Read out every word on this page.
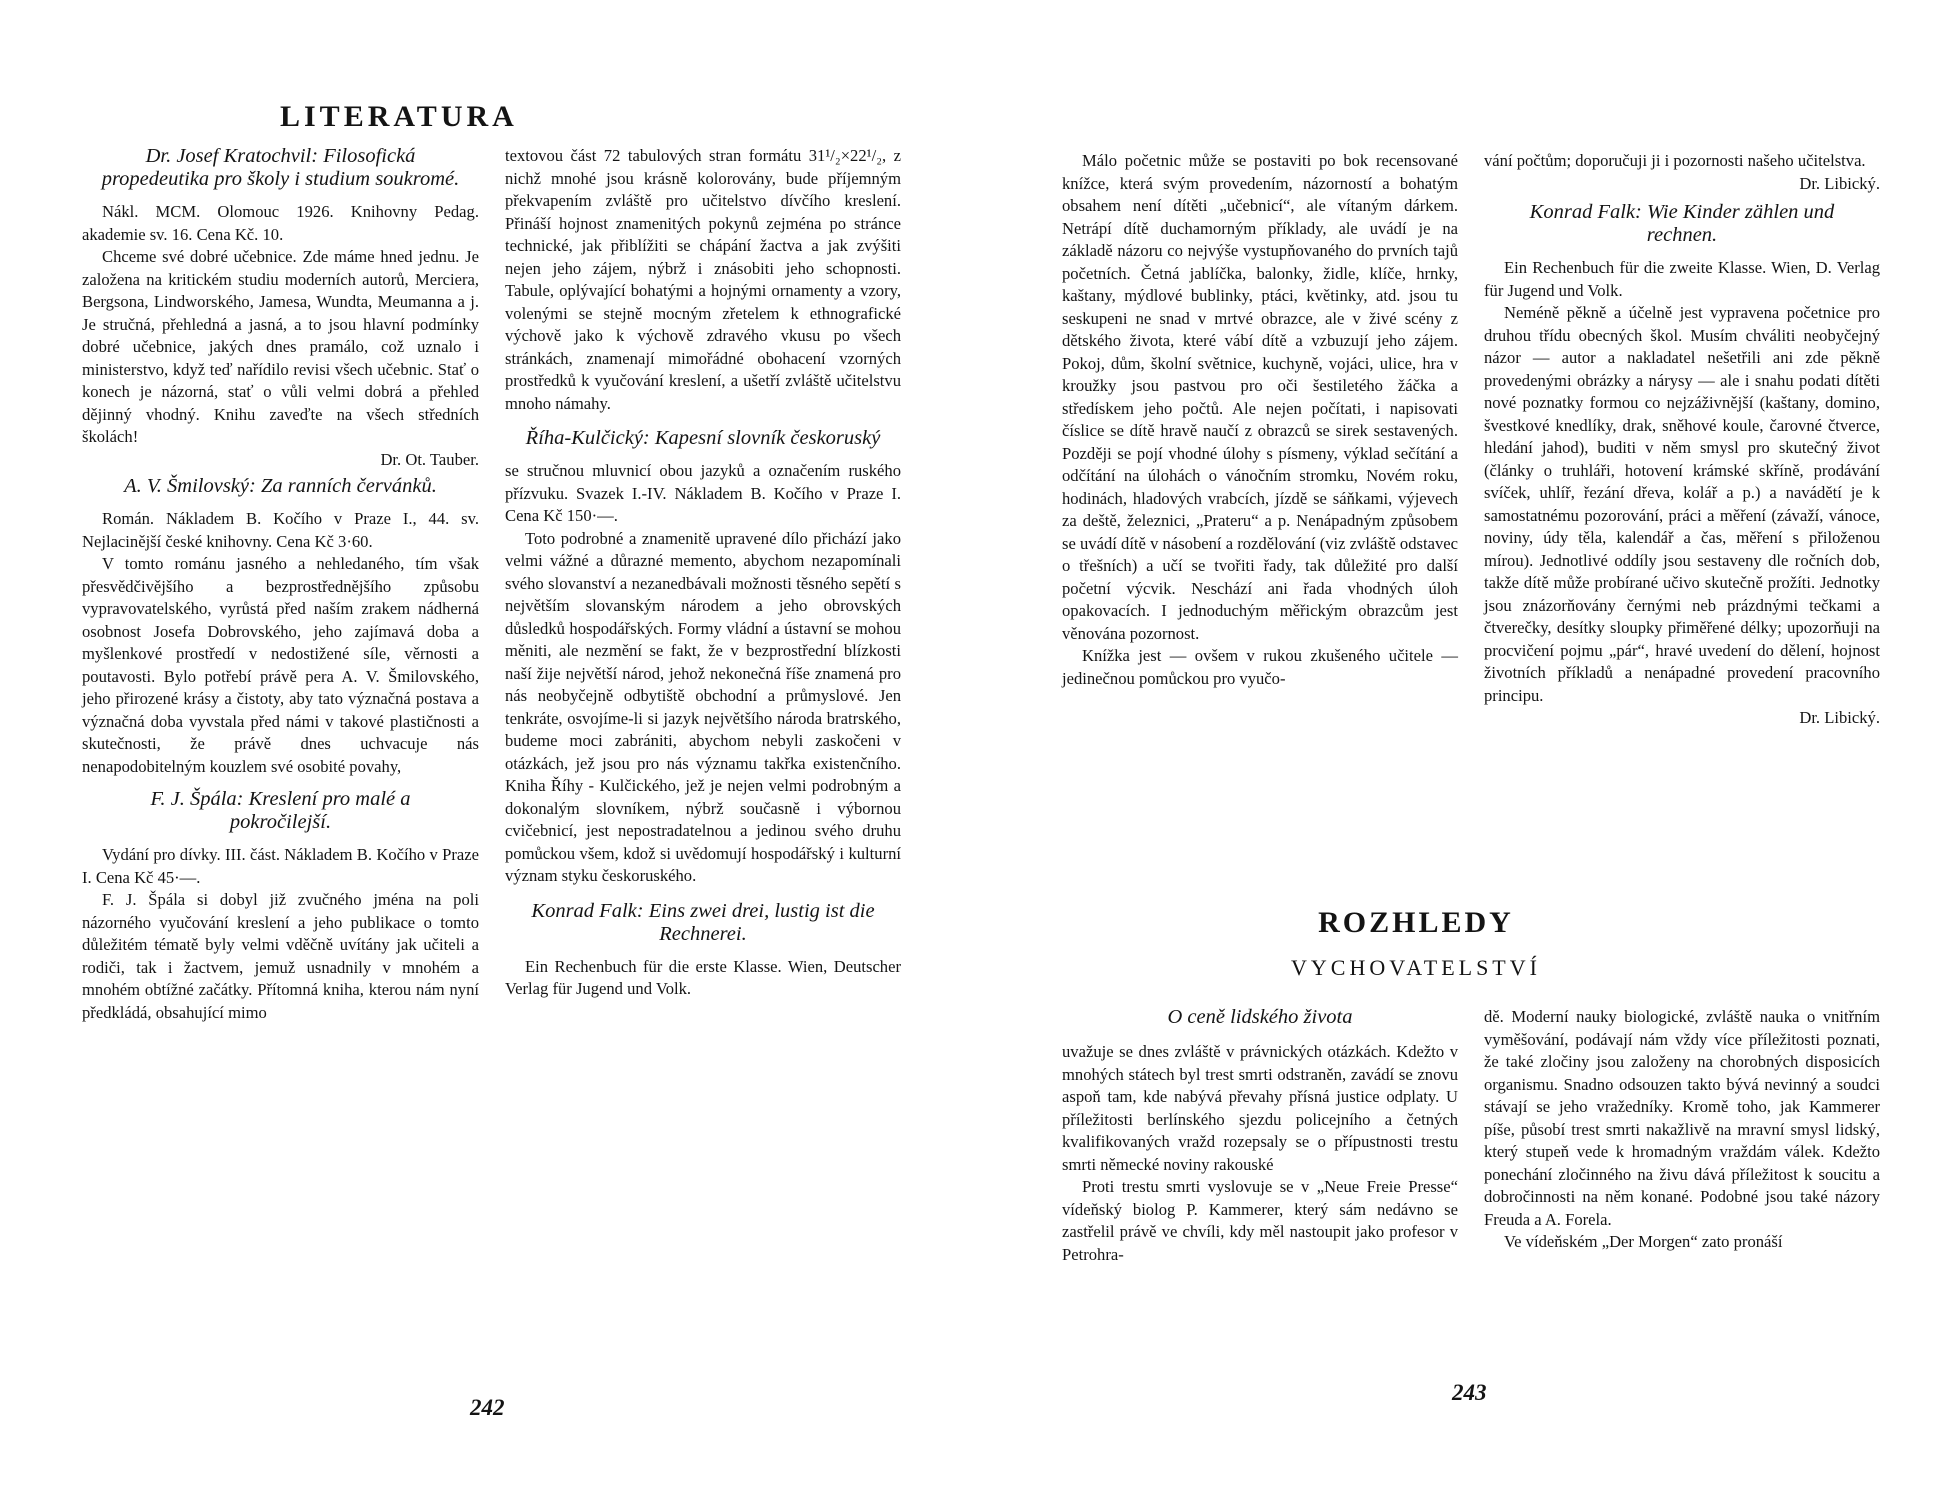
LITERATURA
Dr. Josef Kratochvil: Filosofická propedeutika pro školy i studium soukromé.

Nákl. MCM. Olomouc 1926. Knihovny Pedag. akademie sv. 16. Cena Kč. 10.

Chceme své dobré učebnice. Zde máme hned jednu. Je založena na kritickém studiu moderních autorů, Merciera, Bergsona, Lindworského, Jamesa, Wundta, Meumanna a j. Je stručná, přehledná a jasná, a to jsou hlavní podmínky dobré učebnice, jakých dnes pramálo, což uznalo i ministerstvo, když teď nařídilo revisi všech učebnic. Stať o konech je názorná, stať o vůli velmi dobrá a přehled dějinný vhodný. Knihu zaveďte na všech středních školách!

Dr. Ot. Tauber.

A. V. Šmilovský: Za ranních červánků.

Román. Nákladem B. Kočího v Praze I., 44. sv. Nejlacinější české knihovny. Cena Kč 3·60.

V tomto románu jasného a nehledaného, tím však přesvědčivějšího a bezprostřednějšího způsobu vypravovatelského, vyrůstá před naším zrakem nádherná osobnost Josefa Dobrovského, jeho zajímavá doba a myšlenkové prostředí v nedostižené síle, věrnosti a poutavosti. Bylo potřebí právě pera A. V. Šmilovského, jeho přirozené krásy a čistoty, aby tato význačná postava a význačná doba vyvstala před námi v takové plastičnosti a skutečnosti, že právě dnes uchvacuje nás nenapodobitelným kouzlem své osobité povahy,

F. J. Špála: Kreslení pro malé a pokročilejší.

Vydání pro dívky. III. část. Nákladem B. Kočího v Praze I. Cena Kč 45·—.

F. J. Špála si dobyl již zvučného jména na poli názorného vyučování kreslení a jeho publikace o tomto důležitém tématě byly velmi vděčně uvítány jak učiteli a rodiči, tak i žactvem, jemuž usnadnily v mnohém a mnohém obtížné začátky. Přítomná kniha, kterou nám nyní předkládá, obsahující mimo

textovou část 72 tabulových stran formátu 31¹/₂×22¹/₂, z nichž mnohé jsou krásně kolorovány, bude příjemným překvapením zvláště pro učitelstvo dívčího kreslení. Přináší hojnost znamenitých pokynů zejména po stránce technické, jak přiblížiti se chápání žactva a jak zvýšiti nejen jeho zájem, nýbrž i znásobiti jeho schopnosti. Tabule, oplývající bohatými a hojnými ornamenty a vzory, volenými se stejně mocným zřetelem k ethnografické výchově jako k výchově zdravého vkusu po všech stránkách, znamenají mimořádné obohacení vzorných prostředků k vyučování kreslení, a ušetří zvláště učitelstvu mnoho námahy.

Říha-Kulčický: Kapesní slovník českoruský

se stručnou mluvnicí obou jazyků a označením ruského přízvuku. Svazek I.-IV. Nákladem B. Kočího v Praze I. Cena Kč 150·—.

Toto podrobné a znamenitě upravené dílo přichází jako velmi vážné a důrazné memento, abychom nezapomínali svého slovanství a nezanedbávali možnosti těsného sepětí s největším slovanským národem a jeho obrovských důsledků hospodářských. Formy vládní a ústavní se mohou měniti, ale nezmění se fakt, že v bezprostřední blízkosti naší žije největší národ, jehož nekonečná říše znamená pro nás neobyčejně odbytiště obchodní a průmyslové. Jen tenkráte, osvojíme-li si jazyk největšího národa bratrského, budeme moci zabrániti, abychom nebyli zaskočeni v otázkách, jež jsou pro nás významu takřka existenčního. Kniha Říhy - Kulčického, jež je nejen velmi podrobným a dokonalým slovníkem, nýbrž současně i výbornou cvičebnicí, jest nepostradatelnou a jedinou svého druhu pomůckou všem, kdož si uvědomují hospodářský i kulturní význam styku českoruského.

Konrad Falk: Eins zwei drei, lustig ist die Rechnerei.

Ein Rechenbuch für die erste Klasse. Wien, Deutscher Verlag für Jugend und Volk.

242

Málo početnic může se postaviti po bok recensované knížce, která svým provedením, názorností a bohatým obsahem není dítěti „učebnicí“, ale vítaným dárkem. Netrápí dítě duchamorným příklady, ale uvádí je na základě názoru co nejvýše vystupňovaného do prvních tajů početních. Četná jablíčka, balonky, židle, klíče, hrnky, kaštany, mýdlové bublinky, ptáci, květinky, atd. jsou tu seskupeni ne snad v mrtvé obrazce, ale v živé scény z dětského života, které vábí dítě a vzbuzují jeho zájem. Pokoj, dům, školní světnice, kuchyně, vojáci, ulice, hra v kroužky jsou pastvou pro oči šestiletého žáčka a středískem jeho počtů. Ale nejen počítati, i napisovati číslice se dítě hravě naučí z obrazců se sirek sestavených. Později se pojí vhodné úlohy s písmeny, výklad sečítání a odčítání na úlohách o vánočním stromku, Novém roku, hodinách, hladových vrabcích, jízdě se sáňkami, výjevech za deště, železnici, „Prateru“ a p. Nenápadným způsobem se uvádí dítě v násobení a rozdělování (viz zvláště odstavec o třešních) a učí se tvořiti řady, tak důležité pro další početní výcvik. Neschází ani řada vhodných úloh opakovacích. I jednoduchým měřickým obrazcům jest věnována pozornost.

Knížka jest — ovšem v rukou zkušeného učitele — jedinečnou pomůckou pro vyučo-

vání počtům; doporučuji ji i pozornosti našeho učitelstva.

Dr. Libický.

Konrad Falk: Wie Kinder zählen und rechnen.

Ein Rechenbuch für die zweite Klasse. Wien, D. Verlag für Jugend und Volk.

Neméně pěkně a účelně jest vypravena početnice pro druhou třídu obecných škol. Musím chváliti neobyčejný názor — autor a nakladatel nešetřili ani zde pěkně provedenými obrázky a nárysy — ale i snahu podati dítěti nové poznatky formou co nejzáživnější (kaštany, domino, švestkové knedlíky, drak, sněhové koule, čarovné čtverce, hledání jahod), buditi v něm smysl pro skutečný život (články o truhláři, hotovení krámské skříně, prodávání svíček, uhlíř, řezání dřeva, kolář a p.) a navádětí je k samostatnému pozorování, práci a měření (závaží, vánoce, noviny, údy těla, kalendář a čas, měření s přiloženou mírou). Jednotlivé oddíly jsou sestaveny dle ročních dob, takže dítě může probírané učivo skutečně prožíti. Jednotky jsou znázorňovány černými neb prázdnými tečkami a čtverečky, desítky sloupky přiměřené délky; upozorňuji na procvičení pojmu „pár“, hravé uvedení do dělení, hojnost životních příkladů a nenápadné provedení pracovního principu.

Dr. Libický.

ROZHLEDY
VYCHOVATELSTVÍ
O ceně lidského života

uvažuje se dnes zvláště v právnických otázkách. Kdežto v mnohých státech byl trest smrti odstraněn, zavádí se znovu aspoň tam, kde nabývá převahy přísná justice odplaty. U příležitosti berlínského sjezdu policejního a četných kvalifikovaných vražd rozepsaly se o přípustnosti trestu smrti německé noviny rakouské

Proti trestu smrti vyslovuje se v „Neue Freie Presse“ vídeňský biolog P. Kammerer, který sám nedávno se zastřelil právě ve chvíli, kdy měl nastoupit jako profesor v Petrohra-

dě. Moderní nauky biologické, zvláště nauka o vnitřním vyměšování, podávají nám vždy více příležitosti poznati, že také zločiny jsou založeny na chorobných disposicích organismu. Snadno odsouzen takto bývá nevinný a soudci stávají se jeho vražedníky. Kromě toho, jak Kammerer píše, působí trest smrti nakažlivě na mravní smysl lidský, který stupeň vede k hromadným vraždám válek. Kdežto ponechání zločinného na živu dává příležitost k soucitu a dobročinnosti na něm konané. Podobné jsou také názory Freuda a A. Forela.

Ve vídeňském „Der Morgen“ zato pronáší

243
